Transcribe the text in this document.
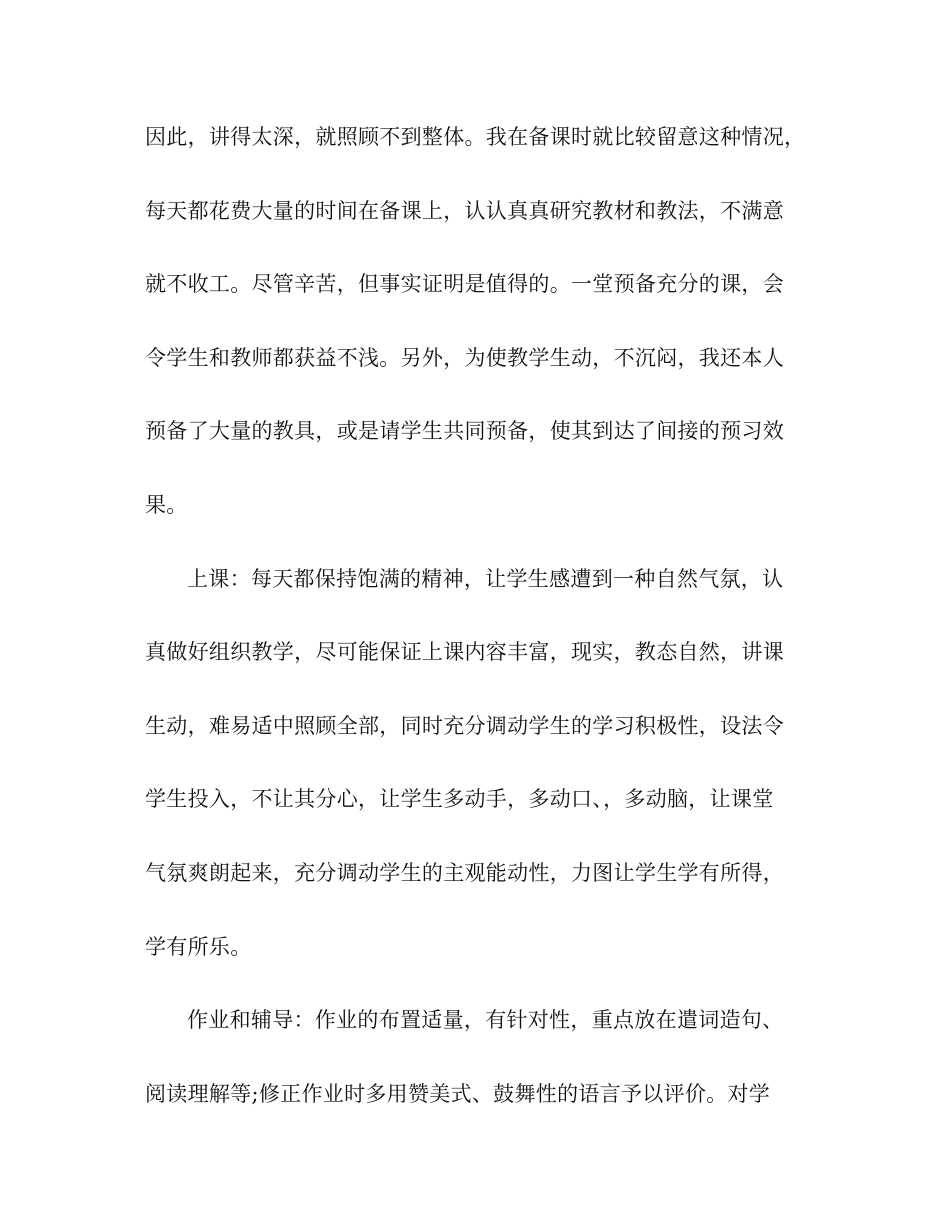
因此，讲得太深，就照顾不到整体。我在备课时就比较留意这种情况，
每天都花费大量的时间在备课上，认认真真研究教材和教法，不满意
就不收工。尽管辛苦，但事实证明是值得的。一堂预备充分的课，会
令学生和教师都获益不浅。另外，为使教学生动，不沉闷，我还本人
预备了大量的教具，或是请学生共同预备，使其到达了间接的预习效
果。
上课：每天都保持饱满的精神，让学生感遭到一种自然气氛，认
真做好组织教学，尽可能保证上课内容丰富，现实，教态自然，讲课
生动，难易适中照顾全部，同时充分调动学生的学习积极性，设法令
学生投入，不让其分心，让学生多动手，多动口、，多动脑，让课堂
气氛爽朗起来，充分调动学生的主观能动性，力图让学生学有所得，
学有所乐。
作业和辅导：作业的布置适量，有针对性，重点放在遣词造句、
阅读理解等;修正作业时多用赞美式、鼓舞性的语言予以评价。对学
